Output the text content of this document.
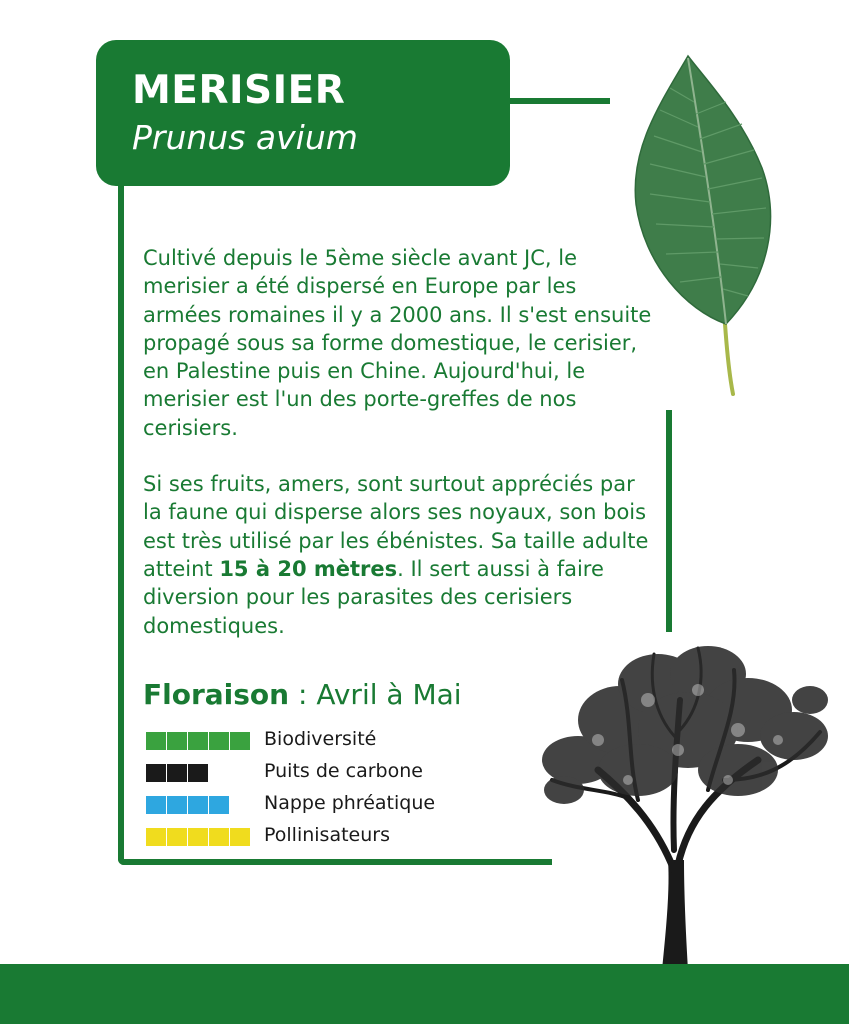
MERISIER

Prunus avium

Cultivé depuis le 5ème siècle avant JC, le merisier a été dispersé en Europe par les armées romaines il y a 2000 ans. Il s'est ensuite propagé sous sa forme domestique, le cerisier, en Palestine puis en Chine. Aujourd'hui, le merisier est l'un des porte-greffes de nos cerisiers.

Si ses fruits, amers, sont surtout appréciés par la faune qui disperse alors ses noyaux, son bois est très utilisé par les ébénistes. Sa taille adulte atteint 15 à 20 mètres. Il sert aussi à faire diversion pour les parasites des cerisiers domestiques.

Floraison : Avril à Mai
Biodiversité
Puits de carbone
Nappe phréatique
Pollinisateurs
